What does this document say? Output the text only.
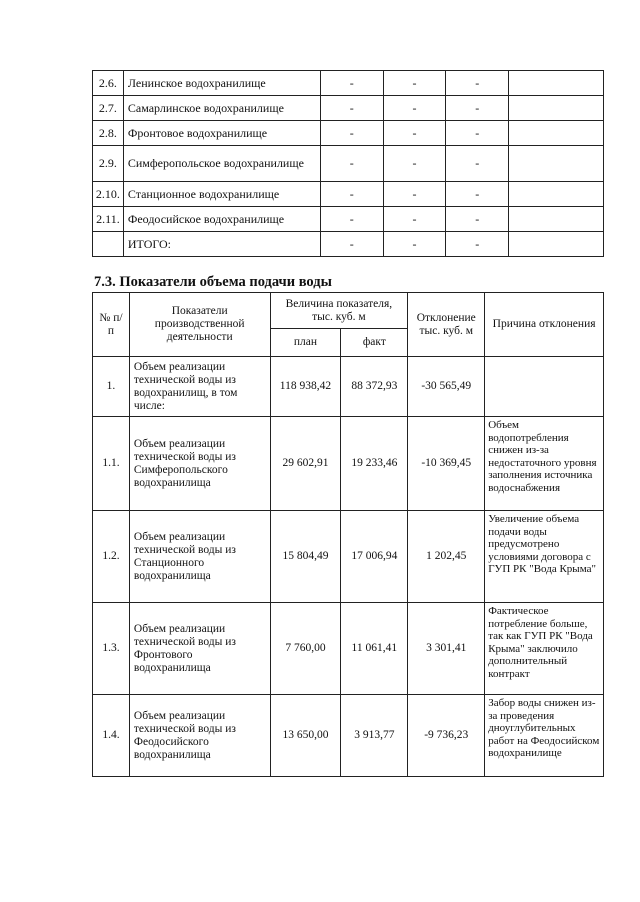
2.6.	Ленинское водохранилище	-	-	-	
2.7.	Самарлинское водохранилище	-	-	-	
2.8.	Фронтовое водохранилище	-	-	-	
2.9.	Симферопольское водохранилище	-	-	-	
2.10.	Станционное водохранилище	-	-	-	
2.11.	Феодосийское водохранилище	-	-	-	
	ИТОГО:	-	-	-	
7.3. Показатели объема подачи воды
№ п/п	Показатели производственной деятельности	Величина показателя, тыс. куб. м		Отклонение тыс. куб. м	Причина отклонения
		план	факт		
1.	Объем реализации технической воды из водохранилищ, в том числе:	118 938,42	88 372,93	-30 565,49	
1.1.	Объем реализации технической воды из Симферопольского водохранилища	29 602,91	19 233,46	-10 369,45	Объем водопотребления снижен из-за недостаточного уровня заполнения источника водоснабжения
1.2.	Объем реализации технической воды из Станционного водохранилища	15 804,49	17 006,94	1 202,45	Увеличение объема подачи воды предусмотрено условиями договора с ГУП РК "Вода Крыма"
1.3.	Объем реализации технической воды из Фронтового водохранилища	7 760,00	11 061,41	3 301,41	Фактическое потребление больше, так как ГУП РК "Вода Крыма" заключило дополнительный контракт
1.4.	Объем реализации технической воды из Феодосийского водохранилища	13 650,00	3 913,77	-9 736,23	Забор воды снижен из-за проведения дноуглубительных работ на Феодосийском водохранилище
